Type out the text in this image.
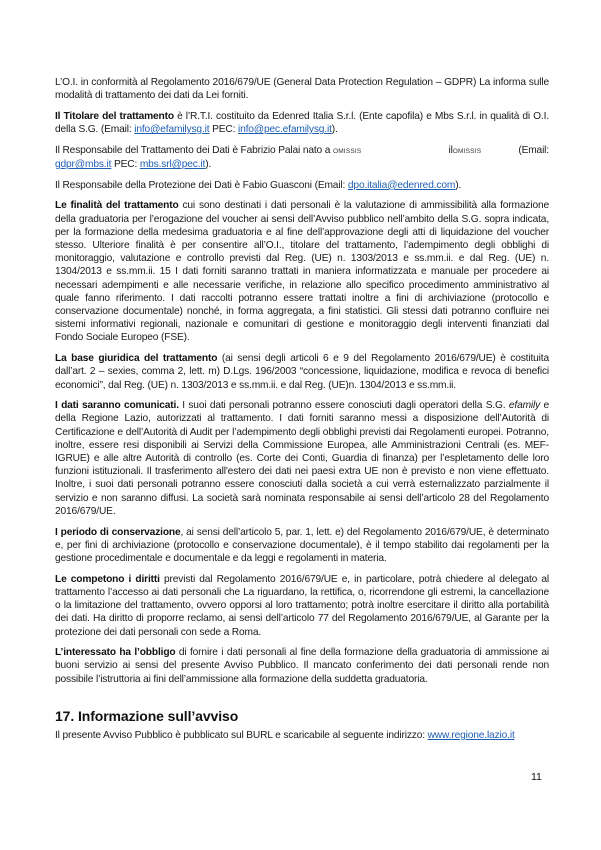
L’O.I. in conformità al Regolamento 2016/679/UE (General Data Protection Regulation – GDPR) La informa sulle modalità di trattamento dei dati da Lei forniti.

Il Titolare del trattamento è l’R.T.I. costituito da Edenred Italia S.r.l. (Ente capofila) e Mbs S.r.l. in qualità di O.I. della S.G. (Email: info@efamilysg.it PEC: info@pec.efamilysg.it).

Il Responsabile del Trattamento dei Dati è Fabrizio Palai nato a OMISSIS	ilOMISSIS	(Email:

gdpr@mbs.it PEC: mbs.srl@pec.it).

Il Responsabile della Protezione dei Dati è Fabio Guasconi (Email: dpo.italia@edenred.com).

Le finalità del trattamento cui sono destinati i dati personali è la valutazione di ammissibilità alla formazione della graduatoria per l’erogazione del voucher ai sensi dell’Avviso pubblico nell’ambito della S.G. sopra indicata, per la formazione della medesima graduatoria e al fine dell’approvazione degli atti di liquidazione del voucher stesso. Ulteriore finalità è per consentire all’O.I., titolare del trattamento, l’adempimento degli obblighi di monitoraggio, valutazione e controllo previsti dal Reg. (UE) n. 1303/2013 e ss.mm.ii. e dal Reg. (UE) n. 1304/2013 e ss.mm.ii. 15 I dati forniti saranno trattati in maniera informatizzata e manuale per procedere ai necessari adempimenti e alle necessarie verifiche, in relazione allo specifico procedimento amministrativo al quale fanno riferimento. I dati raccolti potranno essere trattati inoltre a fini di archiviazione (protocollo e conservazione documentale) nonché, in forma aggregata, a fini statistici. Gli stessi dati potranno confluire nei sistemi informativi regionali, nazionale e comunitari di gestione e monitoraggio degli interventi finanziati dal Fondo Sociale Europeo (FSE).

La base giuridica del trattamento (ai sensi degli articoli 6 e 9 del Regolamento 2016/679/UE) è costituita dall’art. 2 – sexies, comma 2, lett. m) D.Lgs. 196/2003 “concessione, liquidazione, modifica e revoca di benefici economici”, dal Reg. (UE) n. 1303/2013 e ss.mm.ii. e dal Reg. (UE)n. 1304/2013 e ss.mm.ii.

I dati saranno comunicati. I suoi dati personali potranno essere conosciuti dagli operatori della S.G. efamily e della Regione Lazio, autorizzati al trattamento. I dati forniti saranno messi a disposizione dell’Autorità di Certificazione e dell’Autorità di Audit per l’adempimento degli obblighi previsti dai Regolamenti europei. Potranno, inoltre, essere resi disponibili ai Servizi della Commissione Europea, alle Amministrazioni Centrali (es. MEF-IGRUE) e alle altre Autorità di controllo (es. Corte dei Conti, Guardia di finanza) per l’espletamento delle loro funzioni istituzionali. Il trasferimento all'estero dei dati nei paesi extra UE non è previsto e non viene effettuato. Inoltre, i suoi dati personali potranno essere conosciuti dalla società a cui verrà esternalizzato parzialmente il servizio e non saranno diffusi. La società sarà nominata responsabile ai sensi dell’articolo 28 del Regolamento 2016/679/UE.

I periodo di conservazione, ai sensi dell’articolo 5, par. 1, lett. e) del Regolamento 2016/679/UE, è determinato e, per fini di archiviazione (protocollo e conservazione documentale), è il tempo stabilito dai regolamenti per la gestione procedimentale e documentale e da leggi e regolamenti in materia.

Le competono i diritti previsti dal Regolamento 2016/679/UE e, in particolare, potrà chiedere al delegato al trattamento l’accesso ai dati personali che La riguardano, la rettifica, o, ricorrendone gli estremi, la cancellazione o la limitazione del trattamento, ovvero opporsi al loro trattamento; potrà inoltre esercitare il diritto alla portabilità dei dati. Ha diritto di proporre reclamo, ai sensi dell’articolo 77 del Regolamento 2016/679/UE, al Garante per la protezione dei dati personali con sede a Roma.

L’interessato ha l’obbligo di fornire i dati personali al fine della formazione della graduatoria di ammissione ai buoni servizio ai sensi del presente Avviso Pubblico. Il mancato conferimento dei dati personali rende non possibile l’istruttoria ai fini dell’ammissione alla formazione della suddetta graduatoria.

17. Informazione sull’avviso

Il presente Avviso Pubblico è pubblicato sul BURL e scaricabile al seguente indirizzo: www.regione.lazio.it

11
